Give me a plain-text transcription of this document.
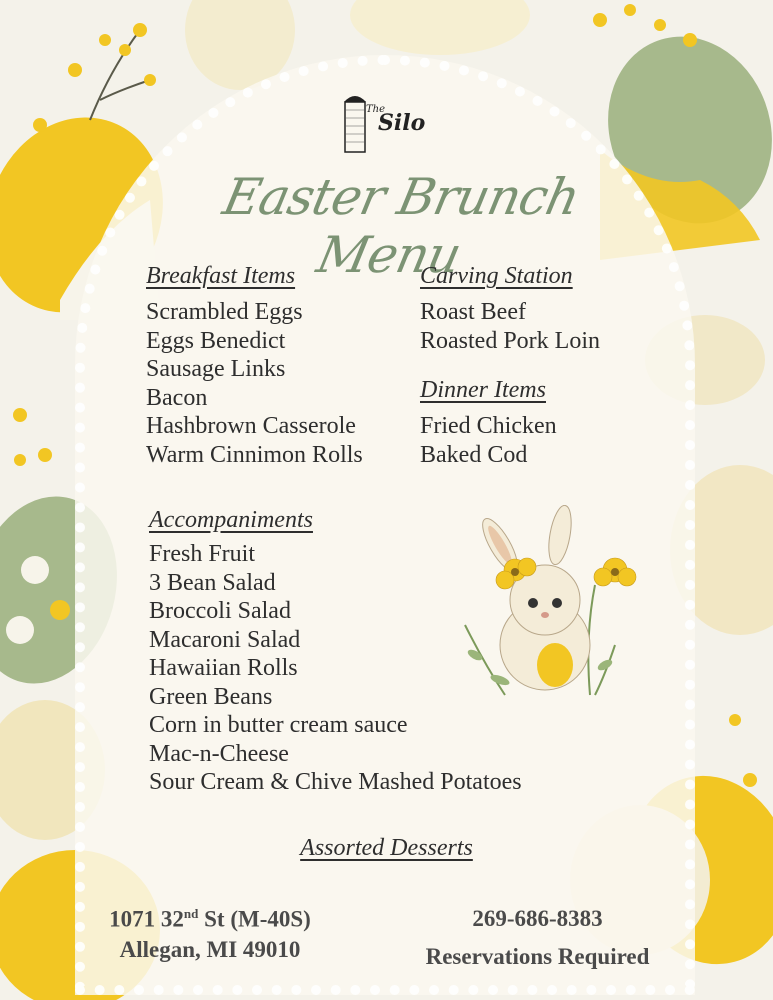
The
Silo
Easter Brunch Menu
Breakfast Items
Scrambled Eggs
Eggs Benedict
Sausage Links
Bacon
Hashbrown Casserole
Warm Cinnimon Rolls
Carving Station
Roast Beef
Roasted Pork Loin
Dinner Items
Fried Chicken
Baked Cod
Accompaniments
Fresh Fruit
3 Bean Salad
Broccoli Salad
Macaroni Salad
Hawaiian Rolls
Green Beans
Corn in butter cream sauce
Mac-n-Cheese
Sour Cream & Chive Mashed Potatoes
Assorted Desserts
1071 32nd St (M-40S)
Allegan, MI 49010
269-686-8383
Reservations Required
